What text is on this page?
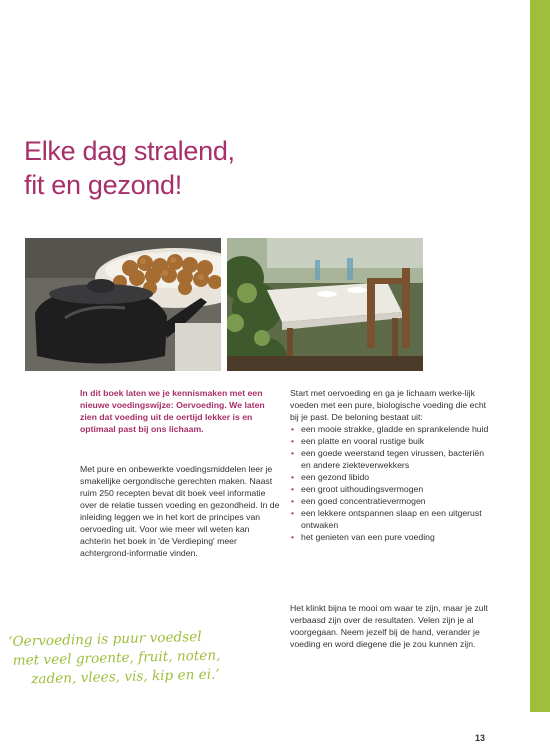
Elke dag stralend,
fit en gezond!

In dit boek laten we je kennismaken met een nieuwe voedingswijze: Oervoeding. We laten zien dat voeding uit de oertijd lekker is en optimaal past bij ons lichaam.

Met pure en onbewerkte voedingsmiddelen leer je smakelijke oergondische gerechten maken. Naast ruim 250 recepten bevat dit boek veel informatie over de relatie tussen voeding en gezondheid. In de inleiding leggen we in het kort de principes van oervoeding uit. Voor wie meer wil weten kan achterin het boek in 'de Verdieping' meer achtergrond-informatie vinden.

Start met oervoeding en ga je lichaam werke-lijk voeden met een pure, biologische voeding die echt bij je past. De beloning bestaat uit:

• een mooie strakke, gladde en sprankelende huid
• een platte en vooral rustige buik
• een goede weerstand tegen virussen, bacteriën en andere ziekteverwekkers
• een gezond libido
• een groot uithoudingsvermogen
• een goed concentratievermogen
• een lekkere ontspannen slaap en een uitgerust ontwaken
• het genieten van een pure voeding

Het klinkt bijna te mooi om waar te zijn, maar je zult verbaasd zijn over de resultaten. Velen zijn je al voorgegaan. Neem jezelf bij de hand, verander je voeding en word diegene die je zou kunnen zijn.

‘Oervoeding is puur voedsel
met veel groente, fruit, noten,
zaden, vlees, vis, kip en ei.’
13
